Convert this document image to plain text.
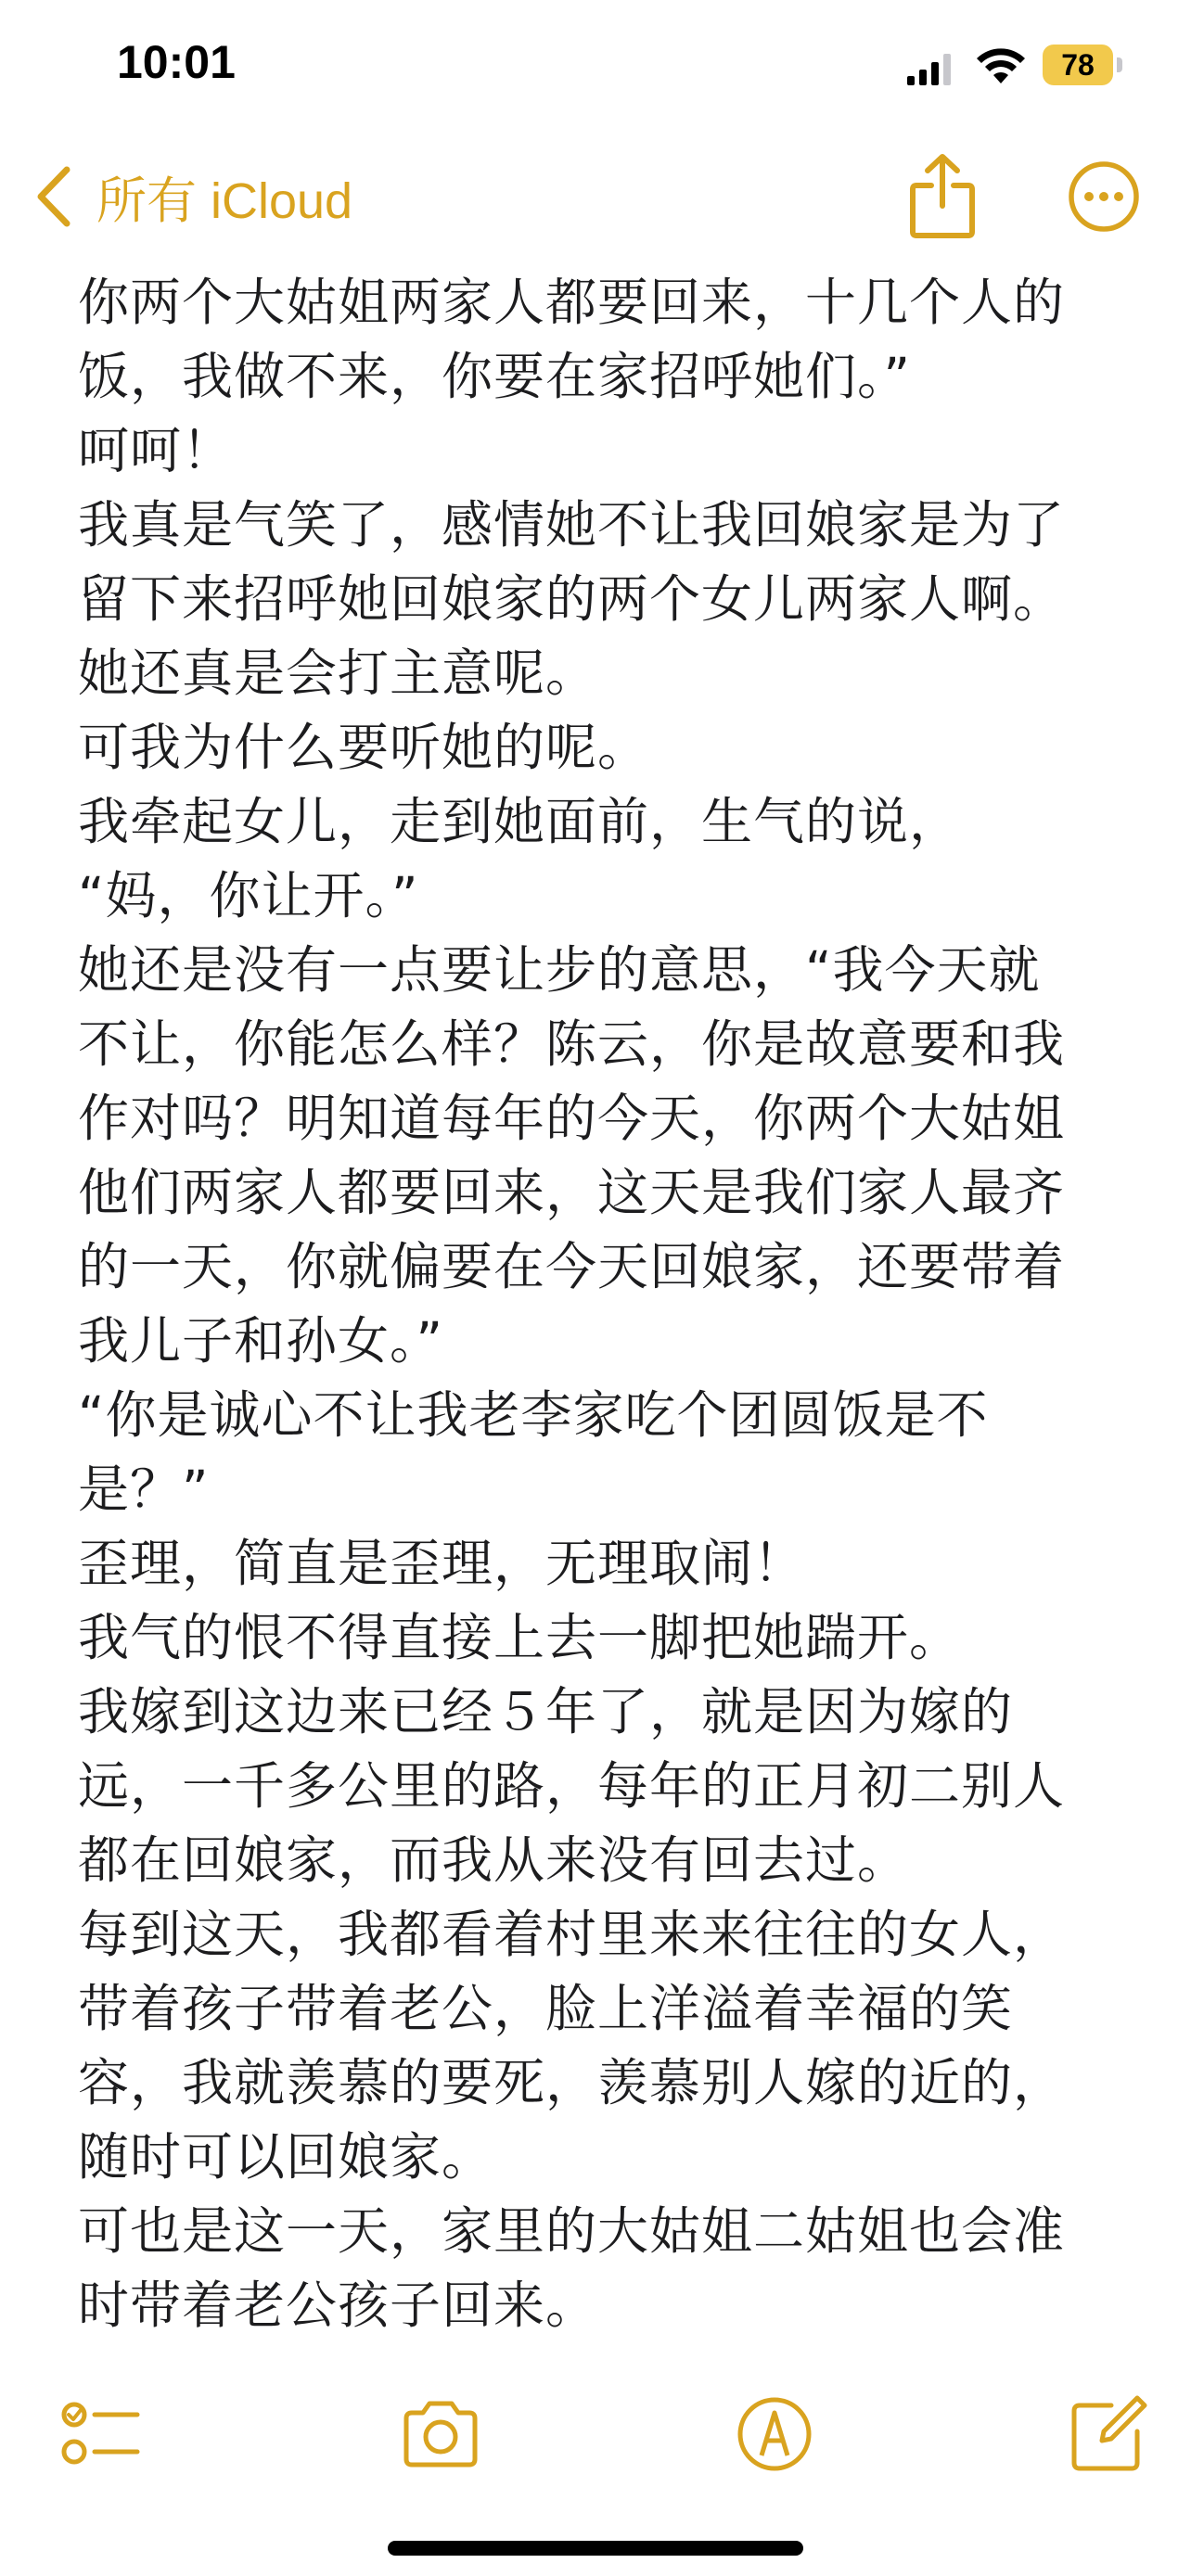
10:01	78
所有 iCloud
你两个大姑姐两家人都要回来，十几个人的
饭，我做不来，你要在家招呼她们。”
呵呵！
我真是气笑了，感情她不让我回娘家是为了
留下来招呼她回娘家的两个女儿两家人啊。
她还真是会打主意呢。
可我为什么要听她的呢。
我牵起女儿，走到她面前，生气的说，
“妈，你让开。”
她还是没有一点要让步的意思，“我今天就
不让，你能怎么样？陈云，你是故意要和我
作对吗？明知道每年的今天，你两个大姑姐
他们两家人都要回来，这天是我们家人最齐
的一天，你就偏要在今天回娘家，还要带着
我儿子和孙女。”
“你是诚心不让我老李家吃个团圆饭是不
是？”
歪理，简直是歪理，无理取闹！
我气的恨不得直接上去一脚把她踹开。
我嫁到这边来已经５年了，就是因为嫁的
远，一千多公里的路，每年的正月初二别人
都在回娘家，而我从来没有回去过。
每到这天，我都看着村里来来往往的女人，
带着孩子带着老公，脸上洋溢着幸福的笑
容，我就羡慕的要死，羡慕别人嫁的近的，
随时可以回娘家。
可也是这一天，家里的大姑姐二姑姐也会准
时带着老公孩子回来。
